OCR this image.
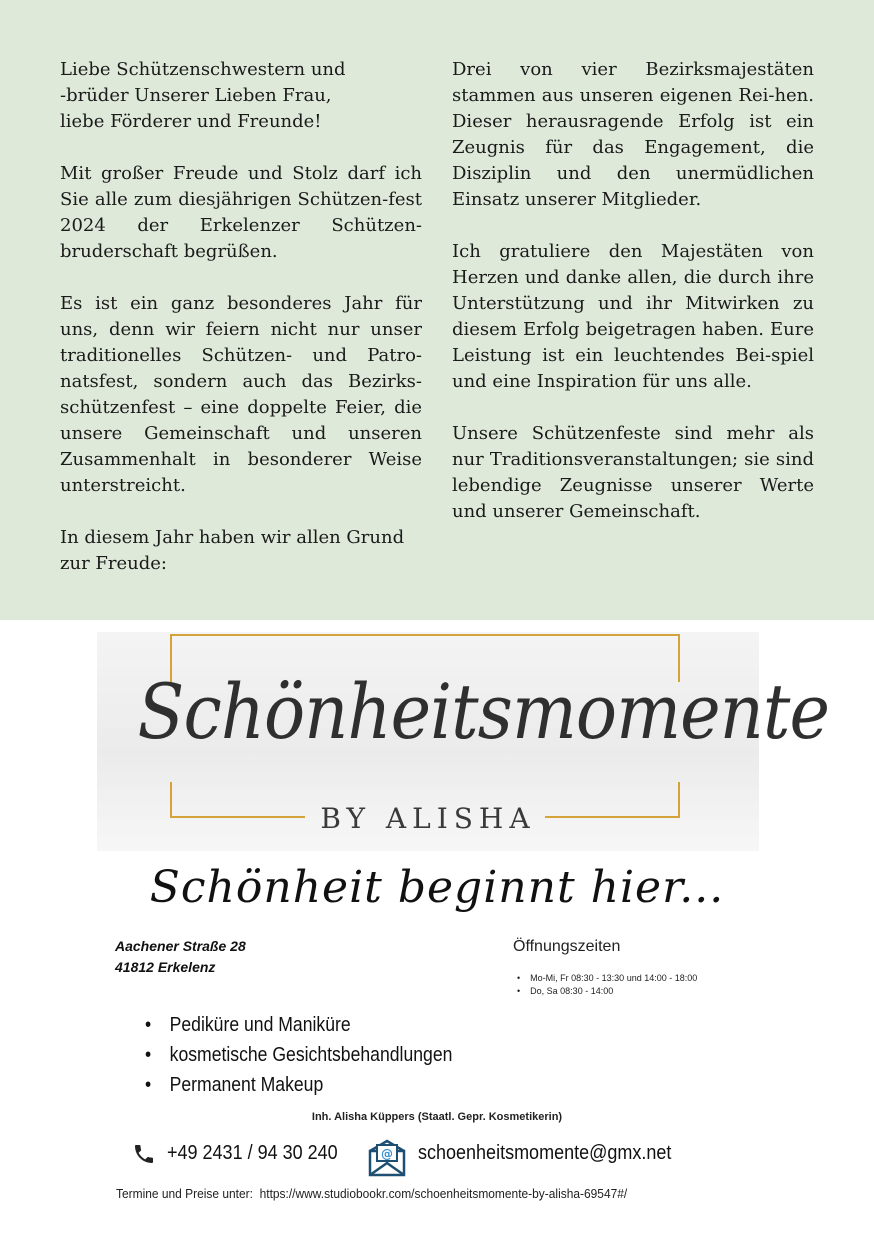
Liebe Schützenschwestern und
-brüder Unserer Lieben Frau,
liebe Förderer und Freunde!

Mit großer Freude und Stolz darf ich Sie alle zum diesjährigen Schützen-fest 2024 der Erkelenzer Schützen-bruderschaft begrüßen.

Es ist ein ganz besonderes Jahr für uns, denn wir feiern nicht nur unser traditionelles Schützen- und Patro-natsfest, sondern auch das Bezirks-schützenfest – eine doppelte Feier, die unsere Gemeinschaft und unseren Zusammenhalt in besonderer Weise unterstreicht.

In diesem Jahr haben wir allen Grund zur Freude:

Drei von vier Bezirksmajestäten stammen aus unseren eigenen Rei-hen. Dieser herausragende Erfolg ist ein Zeugnis für das Engagement, die Disziplin und den unermüdlichen Einsatz unserer Mitglieder.

Ich gratuliere den Majestäten von Herzen und danke allen, die durch ihre Unterstützung und ihr Mitwirken zu diesem Erfolg beigetragen haben. Eure Leistung ist ein leuchtendes Bei-spiel und eine Inspiration für uns alle.

Unsere Schützenfeste sind mehr als nur Traditionsveranstaltungen; sie sind lebendige Zeugnisse unserer Werte und unserer Gemeinschaft.

Schönheitsmomente
BY ALISHA
Schönheit beginnt hier...
Aachener Straße 28
41812 Erkelenz
Öffnungszeiten
• Mo-Mi, Fr 08:30 - 13:30 und 14:00 - 18:00
• Do, Sa 08:30 - 14:00
• Pediküre und Maniküre
• kosmetische Gesichtsbehandlungen
• Permanent Makeup
Inh. Alisha Küppers (Staatl. Gepr. Kosmetikerin)
+49 2431 / 94 30 240	@ schoenheitsmomente@gmx.net
Termine und Preise unter: https://www.studiobookr.com/schoenheitsmomente-by-alisha-69547#/
